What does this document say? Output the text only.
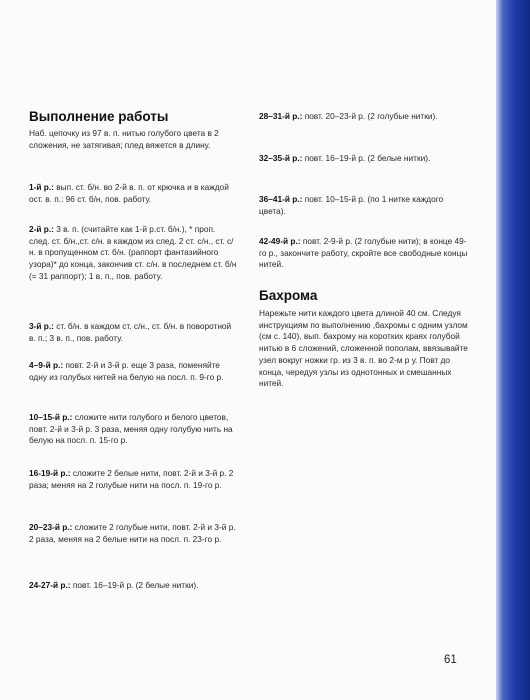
Выполнение работы
Наб. цепочку из 97 в. п. нитью голубого цвета в 2 сложения, не затягивая; плед вяжется в длину.
1-й р.: вып. ст. б/н. во 2-й в. п. от крючка и в каждой ост. в. п.: 96 ст. б/н, пов. работу.
2-й р.: 3 в. п. (считайте как 1-й р.ст. б/н.), * проп. след. ст. б/н.,ст. с/н. в каждом из след. 2 ст. с/н., ст. с/н. в пропущенном ст. б/н. (раппорт фантазийного узора)* до конца, закончив ст. с/н. в последнем ст. б/н (= 31 раппорт); 1 в. п., пов. работу.
3-й р.: ст. б/н. в каждом ст. с/н., ст. б/н. в поворотной в. п.; 3 в. п., пов. работу.
4–9-й р.: повт. 2-й и 3-й р. еще 3 раза, поменяйте одну из голубых нитей на белую на посл. п. 9-го р.
10–15-й р.: сложите нити голубого и белого цветов, повт. 2-й и 3-й р. 3 раза, меняя одну голубую нить на белую на посл. п. 15-го р.
16-19-й р.: сложите 2 белые нити, повт. 2-й и 3-й р. 2 раза; меняя на 2 голубые нити на посл. п. 19-го р.
20–23-й р.: сложите 2 голубые нити, повт. 2-й и 3-й р. 2 раза, меняя на 2 белые нити на посл. п. 23-го р.
24-27-й р.: повт. 16–19-й р. (2 белые нитки).
28–31-й р.: повт. 20–23-й р. (2 голубые нитки).
32–35-й р.: повт. 16–19-й р. (2 белые нитки).
36–41-й р.: повт. 10–15-й р. (по 1 нитке каждого цвета).
42-49-й р.: повт. 2-9-й р. (2 голубые нити); в конце 49-го р., закончите работу, скройте все свободные концы нитей.
Бахрома
Нарежьте нити каждого цвета длиной 40 см. Следуя инструкциям по выполнению ,бахромы с одним узлом (см с. 140), вып. бахрому на коротких краях голубой нитью в 6 сложений, сложенной пополам, ввязывайте узел вокруг ножки гр. из 3 в. п. во 2-м р у. Повт до конца, чередуя узлы из однотонных и смешанных нитей.
61
